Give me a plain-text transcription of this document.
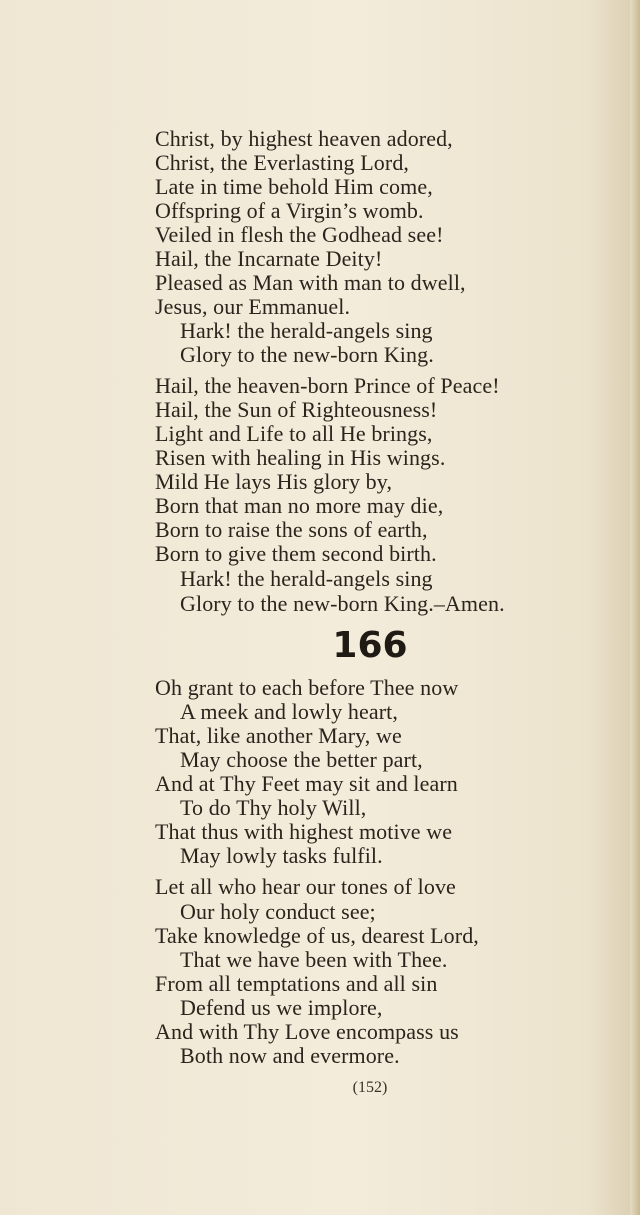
Christ, by highest heaven adored,
Christ, the Everlasting Lord,
Late in time behold Him come,
Offspring of a Virgin’s womb.
Veiled in flesh the Godhead see!
Hail, the Incarnate Deity!
Pleased as Man with man to dwell,
Jesus, our Emmanuel.
Hark! the herald-angels sing
Glory to the new-born King.
Hail, the heaven-born Prince of Peace!
Hail, the Sun of Righteousness!
Light and Life to all He brings,
Risen with healing in His wings.
Mild He lays His glory by,
Born that man no more may die,
Born to raise the sons of earth,
Born to give them second birth.
Hark! the herald-angels sing
Glory to the new-born King.–Amen.
166
Oh grant to each before Thee now
A meek and lowly heart,
That, like another Mary, we
May choose the better part,
And at Thy Feet may sit and learn
To do Thy holy Will,
That thus with highest motive we
May lowly tasks fulfil.
Let all who hear our tones of love
Our holy conduct see;
Take knowledge of us, dearest Lord,
That we have been with Thee.
From all temptations and all sin
Defend us we implore,
And with Thy Love encompass us
Both now and evermore.
(152)
